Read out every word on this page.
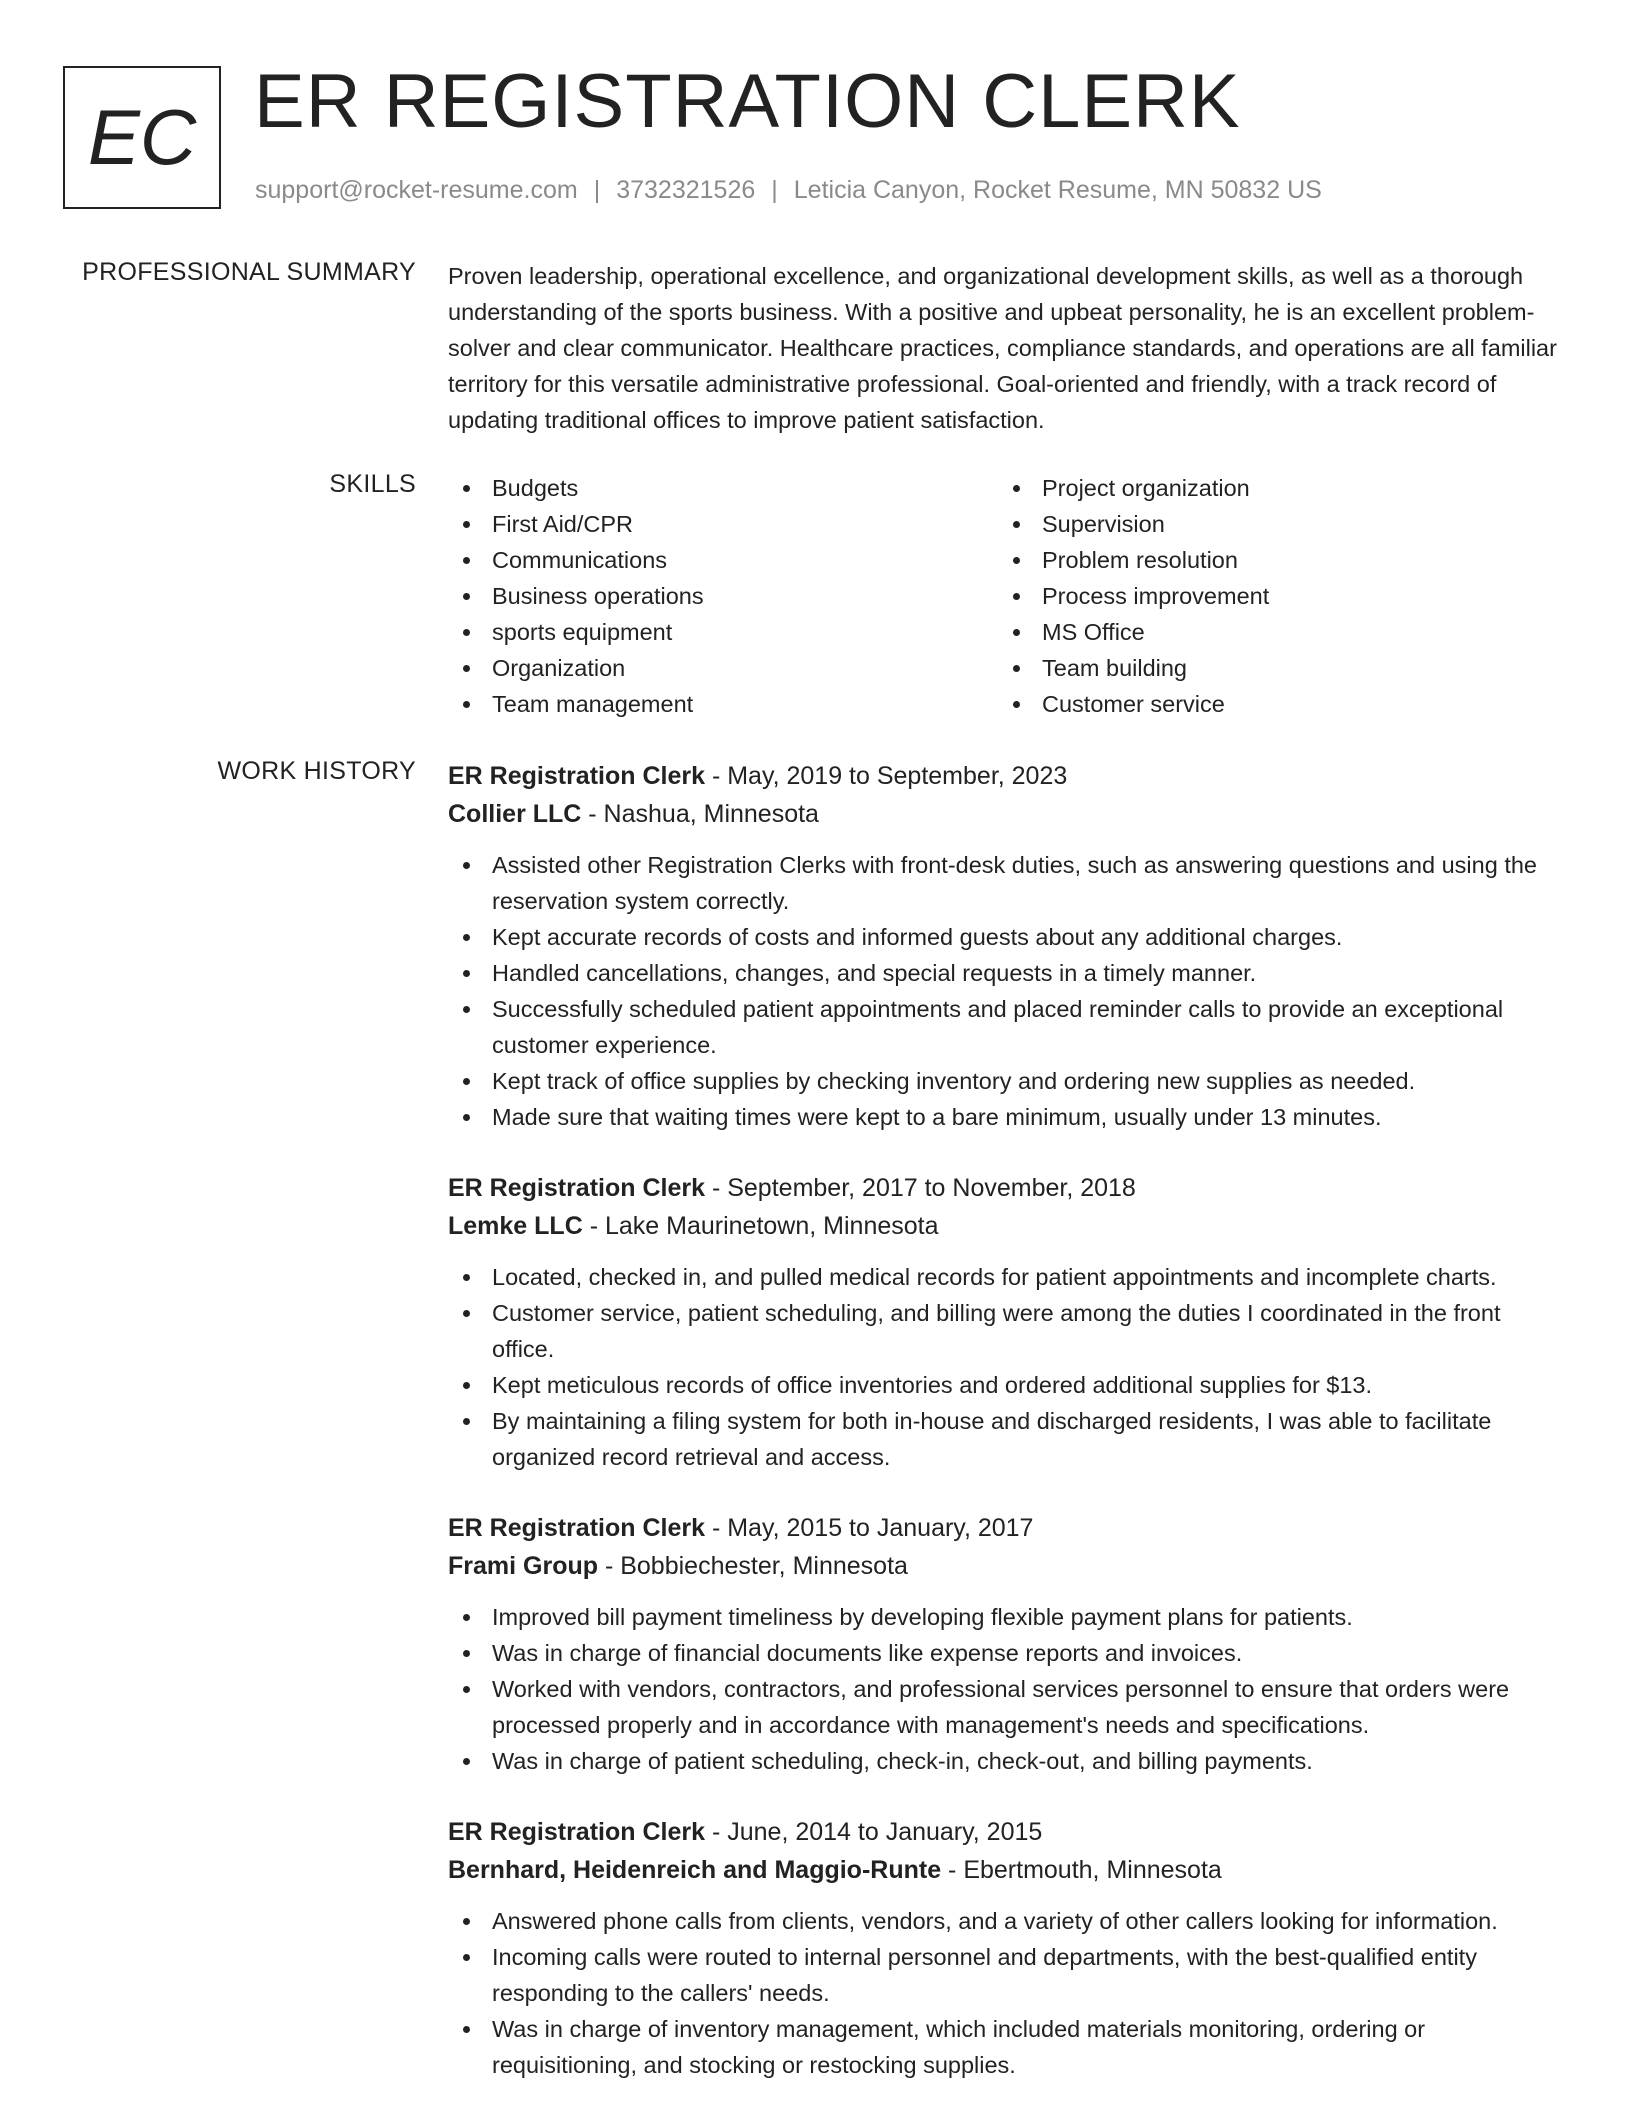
EC ER REGISTRATION CLERK
support@rocket-resume.com | 3732321526 | Leticia Canyon, Rocket Resume, MN 50832 US
PROFESSIONAL SUMMARY Proven leadership, operational excellence, and organizational development skills, as well as a thorough understanding of the sports business. With a positive and upbeat personality, he is an excellent problem-solver and clear communicator. Healthcare practices, compliance standards, and operations are all familiar territory for this versatile administrative professional. Goal-oriented and friendly, with a track record of updating traditional offices to improve patient satisfaction.
SKILLS	Budgets
First Aid/CPR
Communications
Business operations
sports equipment
Organization
Team management
Project organization
Supervision
Problem resolution
Process improvement
MS Office
Team building
Customer service
WORK HISTORY ER Registration Clerk - May, 2019 to September, 2023
Collier LLC - Nashua, Minnesota
Assisted other Registration Clerks with front-desk duties, such as answering questions and using the reservation system correctly.
Kept accurate records of costs and informed guests about any additional charges.
Handled cancellations, changes, and special requests in a timely manner.
Successfully scheduled patient appointments and placed reminder calls to provide an exceptional customer experience.
Kept track of office supplies by checking inventory and ordering new supplies as needed.
Made sure that waiting times were kept to a bare minimum, usually under 13 minutes.
ER Registration Clerk - September, 2017 to November, 2018
Lemke LLC - Lake Maurinetown, Minnesota
Located, checked in, and pulled medical records for patient appointments and incomplete charts.
Customer service, patient scheduling, and billing were among the duties I coordinated in the front office.
Kept meticulous records of office inventories and ordered additional supplies for $13.
By maintaining a filing system for both in-house and discharged residents, I was able to facilitate organized record retrieval and access.
ER Registration Clerk - May, 2015 to January, 2017
Frami Group - Bobbiechester, Minnesota
Improved bill payment timeliness by developing flexible payment plans for patients.
Was in charge of financial documents like expense reports and invoices.
Worked with vendors, contractors, and professional services personnel to ensure that orders were processed properly and in accordance with management's needs and specifications.
Was in charge of patient scheduling, check-in, check-out, and billing payments.
ER Registration Clerk - June, 2014 to January, 2015
Bernhard, Heidenreich and Maggio-Runte - Ebertmouth, Minnesota
Answered phone calls from clients, vendors, and a variety of other callers looking for information.
Incoming calls were routed to internal personnel and departments, with the best-qualified entity responding to the callers' needs.
Was in charge of inventory management, which included materials monitoring, ordering or requisitioning, and stocking or restocking supplies.
